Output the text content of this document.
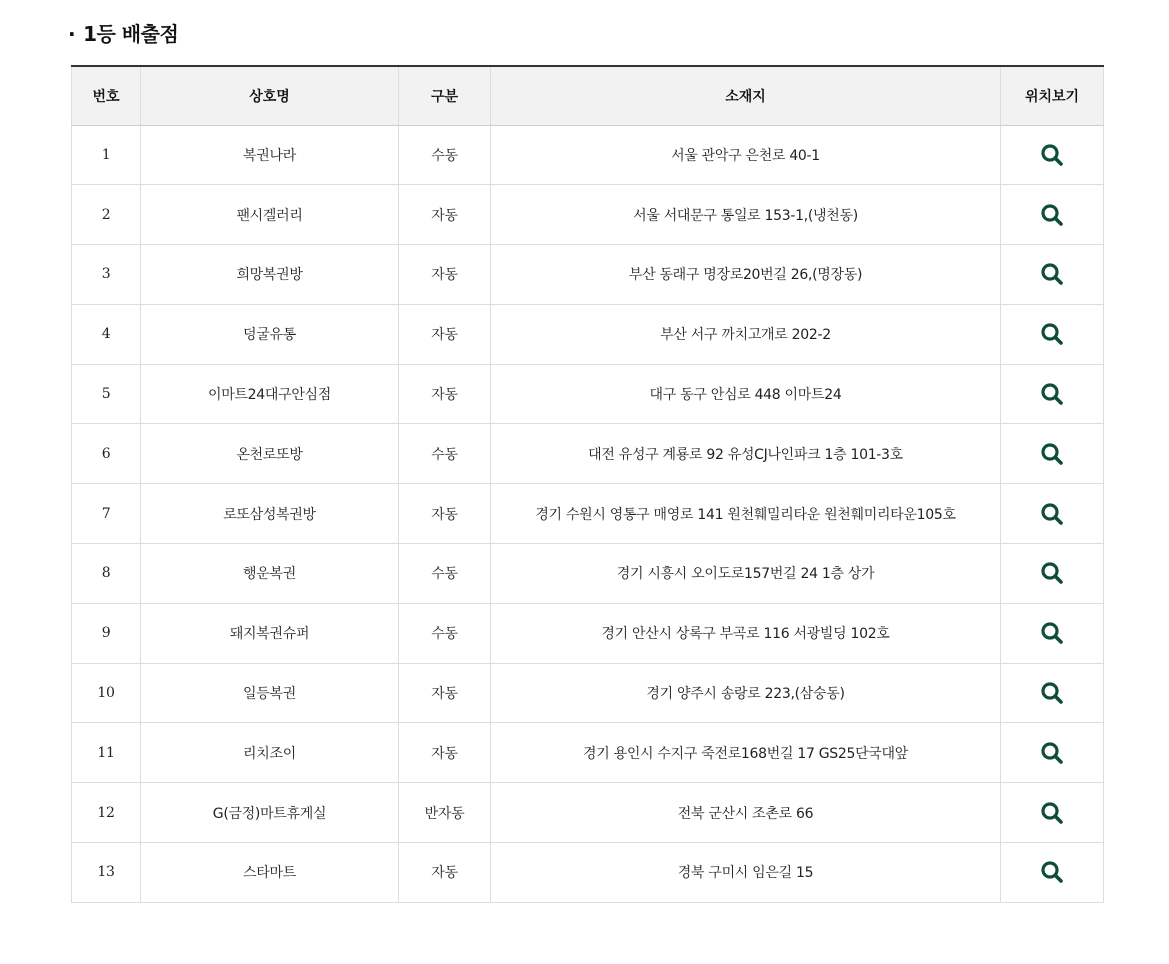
· 1등 배출점
번호	상호명	구분	소재지	위치보기
1	복권나라	수동	서울 관악구 은천로 40-1	

2	팬시겔러리	자동	서울 서대문구 통일로 153-1,(냉천동)	

3	희망복권방	자동	부산 동래구 명장로20번길 26,(명장동)	

4	덩굴유통	자동	부산 서구 까치고개로 202-2	

5	이마트24대구안심점	자동	대구 동구 안심로 448 이마트24	

6	온천로또방	수동	대전 유성구 계룡로 92 유성CJ나인파크 1층 101-3호	

7	로또삼성복권방	자동	경기 수원시 영통구 매영로 141 원천훼밀리타운 원천훼미리타운105호	

8	행운복권	수동	경기 시흥시 오이도로157번길 24 1층 상가	

9	돼지복권슈퍼	수동	경기 안산시 상록구 부곡로 116 서광빌딩 102호	

10	일등복권	자동	경기 양주시 송랑로 223,(삼숭동)	

11	리치조이	자동	경기 용인시 수지구 죽전로168번길 17 GS25단국대앞	

12	G(금정)마트휴게실	반자동	전북 군산시 조촌로 66	

13	스타마트	자동	경북 구미시 임은길 15	
